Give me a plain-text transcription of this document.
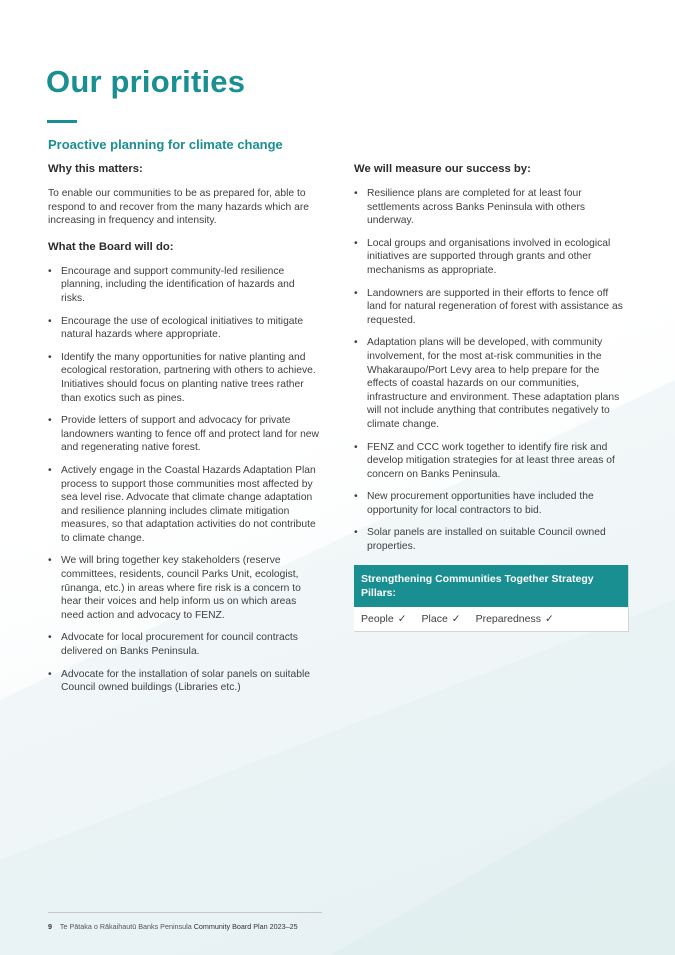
Our priorities
Proactive planning for climate change

Why this matters:

To enable our communities to be as prepared for, able to respond to and recover from the many hazards which are increasing in frequency and intensity.

What the Board will do:

• Encourage and support community-led resilience planning, including the identification of hazards and risks.
• Encourage the use of ecological initiatives to mitigate natural hazards where appropriate.
• Identify the many opportunities for native planting and ecological restoration, partnering with others to achieve. Initiatives should focus on planting native trees rather than exotics such as pines.
• Provide letters of support and advocacy for private landowners wanting to fence off and protect land for new and regenerating native forest.
• Actively engage in the Coastal Hazards Adaptation Plan process to support those communities most affected by sea level rise. Advocate that climate change adaptation and resilience planning includes climate mitigation measures, so that adaptation activities do not contribute to climate change.
• We will bring together key stakeholders (reserve committees, residents, council Parks Unit, ecologist, rūnanga, etc.) in areas where fire risk is a concern to hear their voices and help inform us on which areas need action and advocacy to FENZ.
• Advocate for local procurement for council contracts delivered on Banks Peninsula.
• Advocate for the installation of solar panels on suitable Council owned buildings (Libraries etc.)

We will measure our success by:

• Resilience plans are completed for at least four settlements across Banks Peninsula with others underway.
• Local groups and organisations involved in ecological initiatives are supported through grants and other mechanisms as appropriate.
• Landowners are supported in their efforts to fence off land for natural regeneration of forest with assistance as requested.
• Adaptation plans will be developed, with community involvement, for the most at-risk communities in the Whakaraupo/Port Levy area to help prepare for the effects of coastal hazards on our communities, infrastructure and environment. These adaptation plans will not include anything that contributes negatively to climate change.
• FENZ and CCC work together to identify fire risk and develop mitigation strategies for at least three areas of concern on Banks Peninsula.
• New procurement opportunities have included the opportunity for local contractors to bid.
• Solar panels are installed on suitable Council owned properties.
Strengthening Communities Together Strategy Pillars:
People ✓ Place ✓ Preparedness ✓
9 Te Pātaka o Rākaihautū Banks Peninsula Community Board Plan 2023–25
